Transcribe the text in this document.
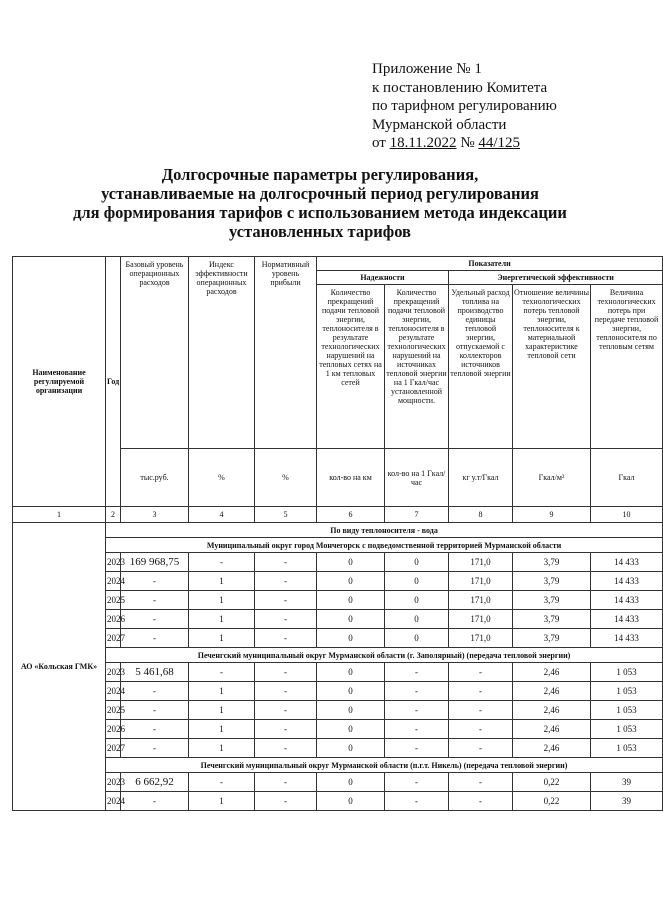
Приложение № 1
к постановлению Комитета
по тарифном регулированию
Мурманской области
от 18.11.2022 № 44/125
Долгосрочные параметры регулирования,
устанавливаемые на долгосрочный период регулирования
для формирования тарифов с использованием метода индексации
установленных тарифов
Наименование регулируемой организации	Год	Базовый уровень операционных расходов	Индекс эффективности операционных расходов	Нормативный уровень прибыли	Показатели				
					Надежности		Энергетической эффективности		
					Количество прекращений подачи тепловой энергии, теплоносителя в результате технологических нарушений на тепловых сетях на 1 км тепловых сетей	Количество прекращений подачи тепловой энергии, теплоносителя в результате технологических нарушений на источниках тепловой энергии на 1 Гкал/час установленной мощности.	Удельный расход топлива на производство единицы тепловой энергии, отпускаемой с коллекторов источников тепловой энергии	Отношение величины технологических потерь тепловой энергии, теплоносителя к материальной характеристике тепловой сети	Величина технологических потерь при передаче тепловой энергии, теплоносителя по тепловым сетям
		тыс.руб.	%	%	кол-во на км	кол-во на 1 Гкал/час	кг у.т/Гкал	Гкал/м²	Гкал
1	2	3	4	5	6	7	8	9	10
АО «Кольская ГМК»	По виду теплоносителя - вода								
	Муниципальный округ город Мончегорск с подведомственной территорией Мурманской области								
	2023	169 968,75	-	-	0	0	171,0	3,79	14 433
	2024	-	1	-	0	0	171,0	3,79	14 433
	2025	-	1	-	0	0	171,0	3,79	14 433
	2026	-	1	-	0	0	171,0	3,79	14 433
	2027	-	1	-	0	0	171,0	3,79	14 433
	Печенгский муниципальный округ Мурманской области (г. Заполярный) (передача тепловой энергии)								
	2023	5 461,68	-	-	0	-	-	2,46	1 053
	2024	-	1	-	0	-	-	2,46	1 053
	2025	-	1	-	0	-	-	2,46	1 053
	2026	-	1	-	0	-	-	2,46	1 053
	2027	-	1	-	0	-	-	2,46	1 053
	Печенгский муниципальный округ Мурманской области (п.г.т. Никель) (передача тепловой энергии)								
	2023	6 662,92	-	-	0	-	-	0,22	39
	2024	-	1	-	0	-	-	0,22	39
